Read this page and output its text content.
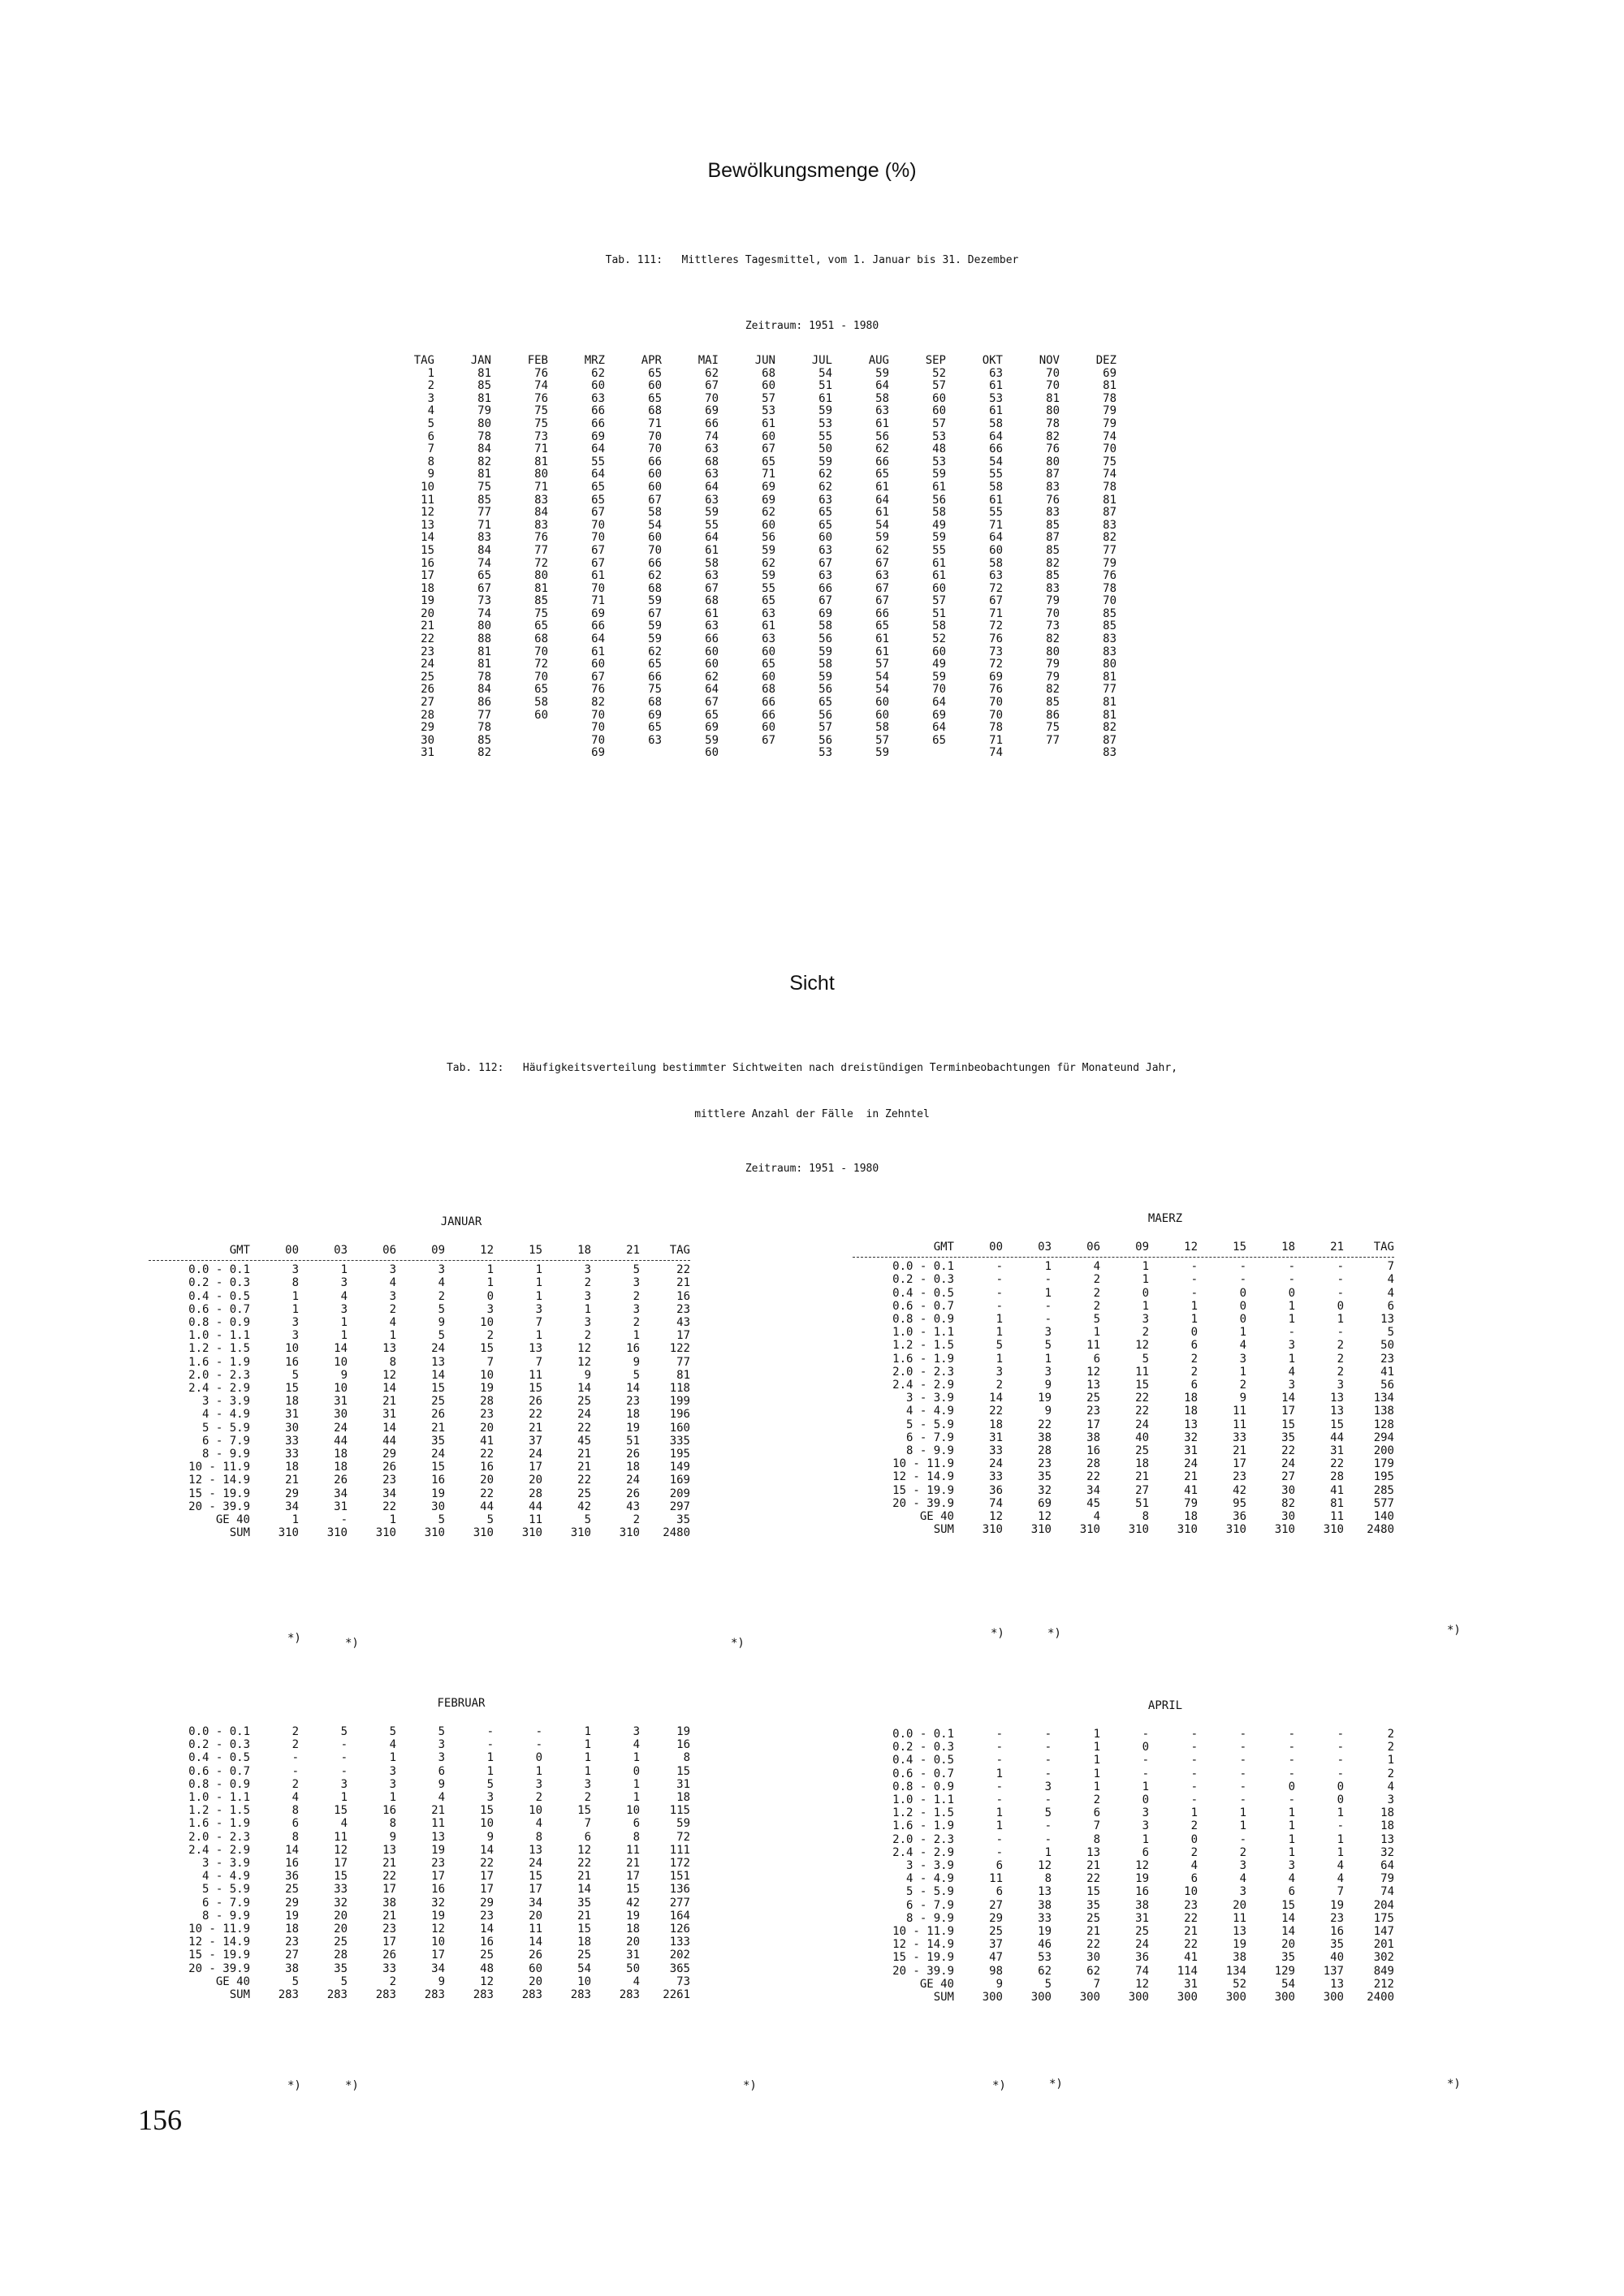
Bewölkungsmenge (%)
Tab. 111:   Mittleres Tagesmittel, vom 1. Januar bis 31. Dezember
Zeitraum: 1951 - 1980
TAG	JAN	FEB	MRZ	APR	MAI	JUN	JUL	AUG	SEP	OKT	NOV	DEZ
1	81	76	62	65	62	68	54	59	52	63	70	69
2	85	74	60	60	67	60	51	64	57	61	70	81
3	81	76	63	65	70	57	61	58	60	53	81	78
4	79	75	66	68	69	53	59	63	60	61	80	79
5	80	75	66	71	66	61	53	61	57	58	78	79
6	78	73	69	70	74	60	55	56	53	64	82	74
7	84	71	64	70	63	67	50	62	48	66	76	70
8	82	81	55	66	68	65	59	66	53	54	80	75
9	81	80	64	60	63	71	62	65	59	55	87	74
10	75	71	65	60	64	69	62	61	61	58	83	78
11	85	83	65	67	63	69	63	64	56	61	76	81
12	77	84	67	58	59	62	65	61	58	55	83	87
13	71	83	70	54	55	60	65	54	49	71	85	83
14	83	76	70	60	64	56	60	59	59	64	87	82
15	84	77	67	70	61	59	63	62	55	60	85	77
16	74	72	67	66	58	62	67	67	61	58	82	79
17	65	80	61	62	63	59	63	63	61	63	85	76
18	67	81	70	68	67	55	66	67	60	72	83	78
19	73	85	71	59	68	65	67	67	57	67	79	70
20	74	75	69	67	61	63	69	66	51	71	70	85
21	80	65	66	59	63	61	58	65	58	72	73	85
22	88	68	64	59	66	63	56	61	52	76	82	83
23	81	70	61	62	60	60	59	61	60	73	80	83
24	81	72	60	65	60	65	58	57	49	72	79	80
25	78	70	67	66	62	60	59	54	59	69	79	81
26	84	65	76	75	64	68	56	54	70	76	82	77
27	86	58	82	68	67	66	65	60	64	70	85	81
28	77	60	70	69	65	66	56	60	69	70	86	81
29	78		70	65	69	60	57	58	64	78	75	82
30	85		70	63	59	67	56	57	65	71	77	87
31	82		69		60		53	59		74		83
Sicht
Tab. 112:   Häufigkeitsverteilung bestimmter Sichtweiten nach dreistündigen Terminbeobachtungen für Monateund Jahr,
mittlere Anzahl der Fälle  in Zehntel
Zeitraum: 1951 - 1980
JANUAR
GMT	00	03	06	09	12	15	18	21	TAG

0.0 - 0.1	3	1	3	3	1	1	3	5	22
0.2 - 0.3	8	3	4	4	1	1	2	3	21
0.4 - 0.5	1	4	3	2	0	1	3	2	16
0.6 - 0.7	1	3	2	5	3	3	1	3	23
0.8 - 0.9	3	1	4	9	10	7	3	2	43
1.0 - 1.1	3	1	1	5	2	1	2	1	17
1.2 - 1.5	10	14	13	24	15	13	12	16	122
1.6 - 1.9	16	10	8	13	7	7	12	9	77
2.0 - 2.3	5	9	12	14	10	11	9	5	81
2.4 - 2.9	15	10	14	15	19	15	14	14	118
3 - 3.9	18	31	21	25	28	26	25	23	199
4 - 4.9	31	30	31	26	23	22	24	18	196
5 - 5.9	30	24	14	21	20	21	22	19	160
6 - 7.9	33	44	44	35	41	37	45	51	335
8 - 9.9	33	18	29	24	22	24	21	26	195
10 - 11.9	18	18	26	15	16	17	21	18	149
12 - 14.9	21	26	23	16	20	20	22	24	169
15 - 19.9	29	34	34	19	22	28	25	26	209
20 - 39.9	34	31	22	30	44	44	42	43	297
GE 40	1	-	1	5	5	11	5	2	35
SUM	310	310	310	310	310	310	310	310	2480
MAERZ
GMT	00	03	06	09	12	15	18	21	TAG

0.0 - 0.1	-	1	4	1	-	-	-	-	7
0.2 - 0.3	-	-	2	1	-	-	-	-	4
0.4 - 0.5	-	1	2	0	-	0	0	-	4
0.6 - 0.7	-	-	2	1	1	0	1	0	6
0.8 - 0.9	1	-	5	3	1	0	1	1	13
1.0 - 1.1	1	3	1	2	0	1	-	-	5
1.2 - 1.5	5	5	11	12	6	4	3	2	50
1.6 - 1.9	1	1	6	5	2	3	1	2	23
2.0 - 2.3	3	3	12	11	2	1	4	2	41
2.4 - 2.9	2	9	13	15	6	2	3	3	56
3 - 3.9	14	19	25	22	18	9	14	13	134
4 - 4.9	22	9	23	22	18	11	17	13	138
5 - 5.9	18	22	17	24	13	11	15	15	128
6 - 7.9	31	38	38	40	32	33	35	44	294
8 - 9.9	33	28	16	25	31	21	22	31	200
10 - 11.9	24	23	28	18	24	17	24	22	179
12 - 14.9	33	35	22	21	21	23	27	28	195
15 - 19.9	36	32	34	27	41	42	30	41	285
20 - 39.9	74	69	45	51	79	95	82	81	577
GE 40	12	12	4	8	18	36	30	11	140
SUM	310	310	310	310	310	310	310	310	2480
FEBRUAR
0.0 - 0.1	2	5	5	5	-	-	1	3	19
0.2 - 0.3	2	-	4	3	-	-	1	4	16
0.4 - 0.5	-	-	1	3	1	0	1	1	8
0.6 - 0.7	-	-	3	6	1	1	1	0	15
0.8 - 0.9	2	3	3	9	5	3	3	1	31
1.0 - 1.1	4	1	1	4	3	2	2	1	18
1.2 - 1.5	8	15	16	21	15	10	15	10	115
1.6 - 1.9	6	4	8	11	10	4	7	6	59
2.0 - 2.3	8	11	9	13	9	8	6	8	72
2.4 - 2.9	14	12	13	19	14	13	12	11	111
3 - 3.9	16	17	21	23	22	24	22	21	172
4 - 4.9	36	15	22	17	17	15	21	17	151
5 - 5.9	25	33	17	16	17	17	14	15	136
6 - 7.9	29	32	38	32	29	34	35	42	277
8 - 9.9	19	20	21	19	23	20	21	19	164
10 - 11.9	18	20	23	12	14	11	15	18	126
12 - 14.9	23	25	17	10	16	14	18	20	133
15 - 19.9	27	28	26	17	25	26	25	31	202
20 - 39.9	38	35	33	34	48	60	54	50	365
GE 40	5	5	2	9	12	20	10	4	73
SUM	283	283	283	283	283	283	283	283	2261
APRIL
0.0 - 0.1	-	-	1	-	-	-	-	-	2
0.2 - 0.3	-	-	1	0	-	-	-	-	2
0.4 - 0.5	-	-	1	-	-	-	-	-	1
0.6 - 0.7	1	-	1	-	-	-	-	-	2
0.8 - 0.9	-	3	1	1	-	-	0	0	4
1.0 - 1.1	-	-	2	0	-	-	-	0	3
1.2 - 1.5	1	5	6	3	1	1	1	1	18
1.6 - 1.9	1	-	7	3	2	1	1	-	18
2.0 - 2.3	-	-	8	1	0	-	1	1	13
2.4 - 2.9	-	1	13	6	2	2	1	1	32
3 - 3.9	6	12	21	12	4	3	3	4	64
4 - 4.9	11	8	22	19	6	4	4	4	79
5 - 5.9	6	13	15	16	10	3	6	7	74
6 - 7.9	27	38	35	38	23	20	15	19	204
8 - 9.9	29	33	25	31	22	11	14	23	175
10 - 11.9	25	19	21	25	21	13	14	16	147
12 - 14.9	37	46	22	24	22	19	20	35	201
15 - 19.9	47	53	30	36	41	38	35	40	302
20 - 39.9	98	62	62	74	114	134	129	137	849
GE 40	9	5	7	12	31	52	54	13	212
SUM	300	300	300	300	300	300	300	300	2400
*)	*)	*)
*)	*)	*)
*)	*)	*)	*)	*)	*)
156
